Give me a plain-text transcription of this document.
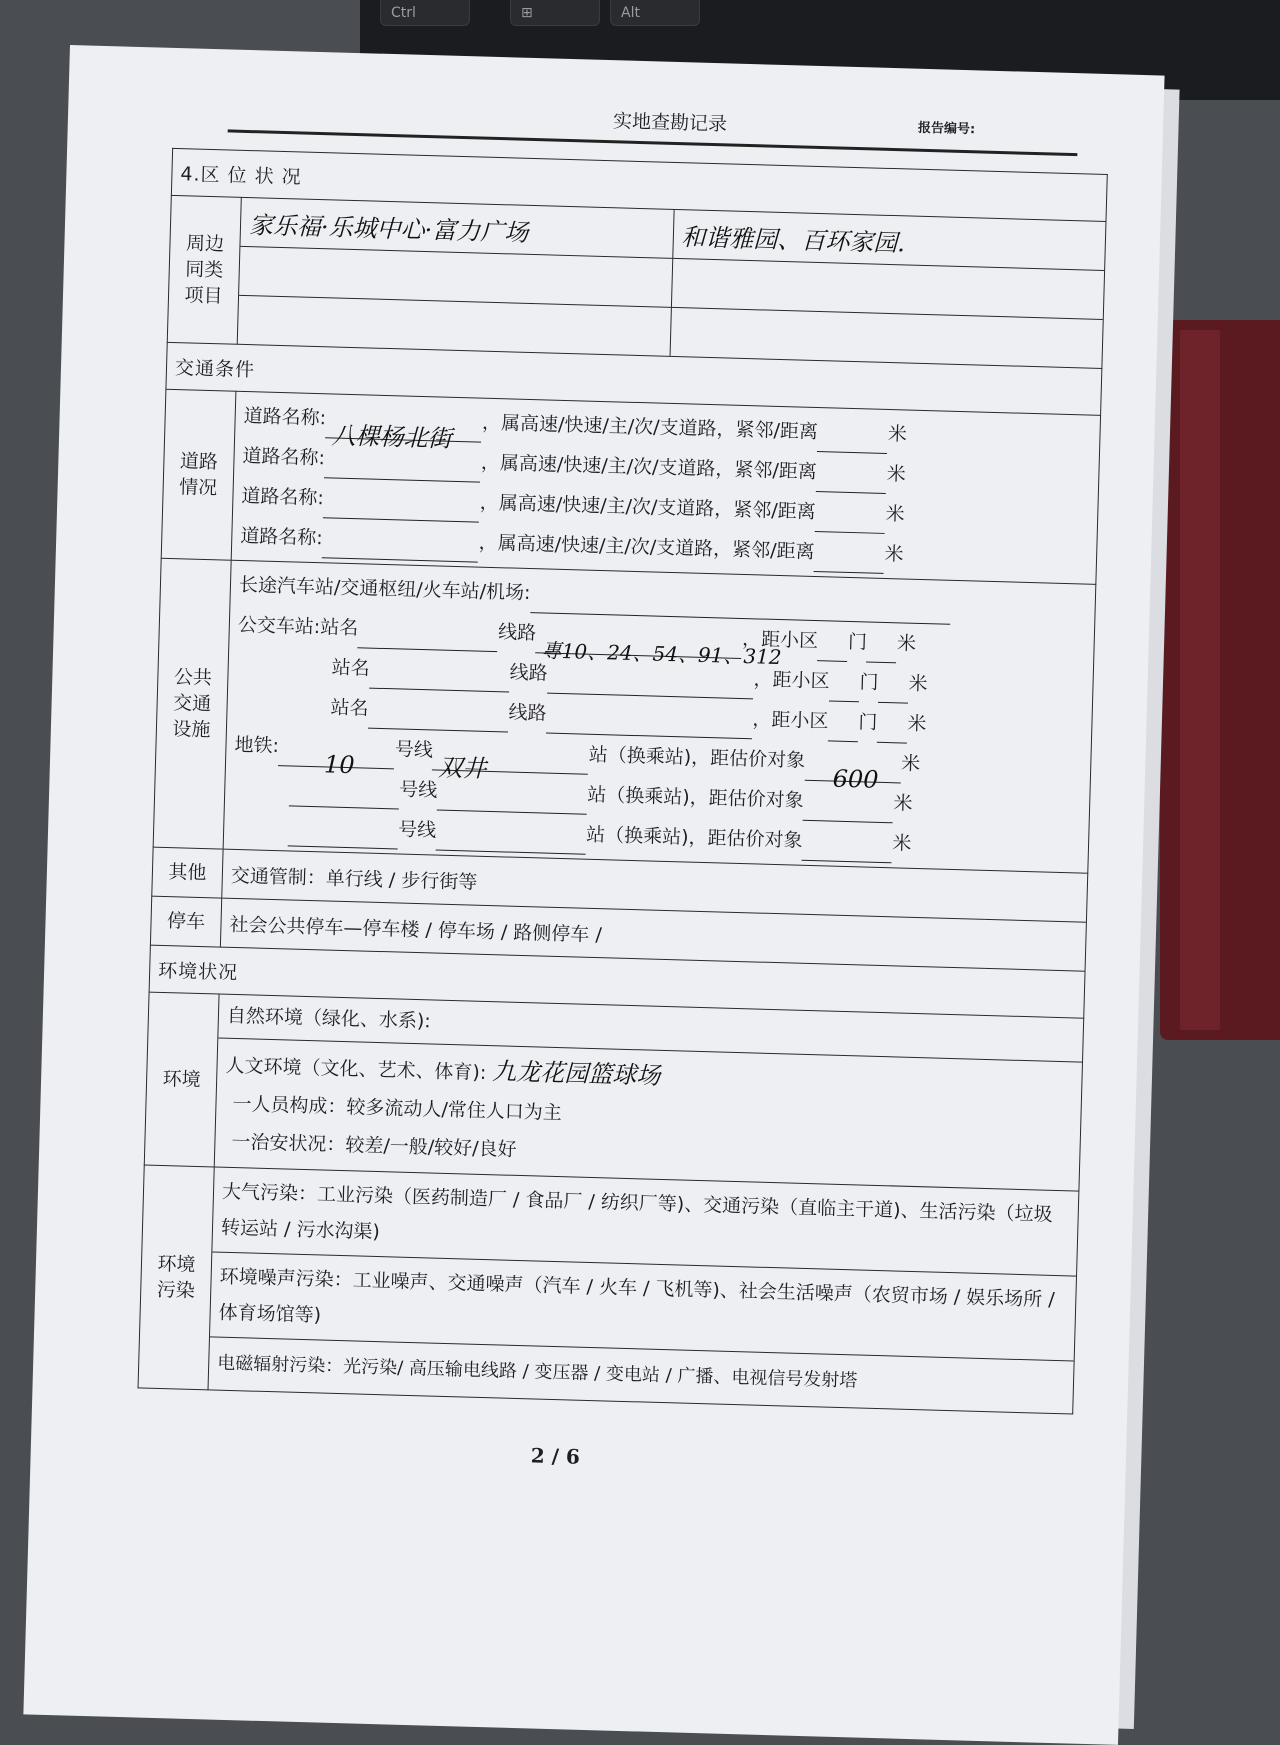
Ctrl	⊞	Alt
实地查勘记录	报告编号:
4.区 位 状 况
周边同类项目	
家乐福·乐城中心·富力广场	和谐雅园、百环家园.

交通条件
道路情况	
道路名称:八棵杨北街 ，属高速/快速/主/次/支道路，紧邻/距离	米
道路名称:	，属高速/快速/主/次/支道路，紧邻/距离	米
道路名称:	，属高速/快速/主/次/支道路，紧邻/距离	米
道路名称:	，属高速/快速/主/次/支道路，紧邻/距离	米

公共交通设施	
长途汽车站/交通枢纽/火车站/机场:
公交车站:站名	线路專10、24、54、91、312，距小区 门 米
站名	线路	，距小区 门 米
站名	线路	，距小区 门 米
地铁:10号线双井	站（换乘站)，距估价对象600米
号线	站（换乘站)，距估价对象	米
号线	站（换乘站)，距估价对象	米

其他	交通管制：单行线 / 步行街等
停车	社会公共停车—停车楼 / 停车场 / 路侧停车 /
环境状况
环境	
自然环境（绿化、水系):
人文环境（文化、艺术、体育): 九龙花园篮球场
一人员构成：较多流动人/常住人口为主
一治安状况：较差/一般/较好/良好

环境污染	
大气污染：工业污染（医药制造厂 / 食品厂 / 纺织厂等)、交通污染（直临主干道)、生活污染（垃圾转运站 / 污水沟渠)
环境噪声污染：工业噪声、交通噪声（汽车 / 火车 / 飞机等)、社会生活噪声（农贸市场 / 娱乐场所 / 体育场馆等)
电磁辐射污染：光污染/ 高压输电线路 / 变压器 / 变电站 / 广播、电视信号发射塔
2 / 6
